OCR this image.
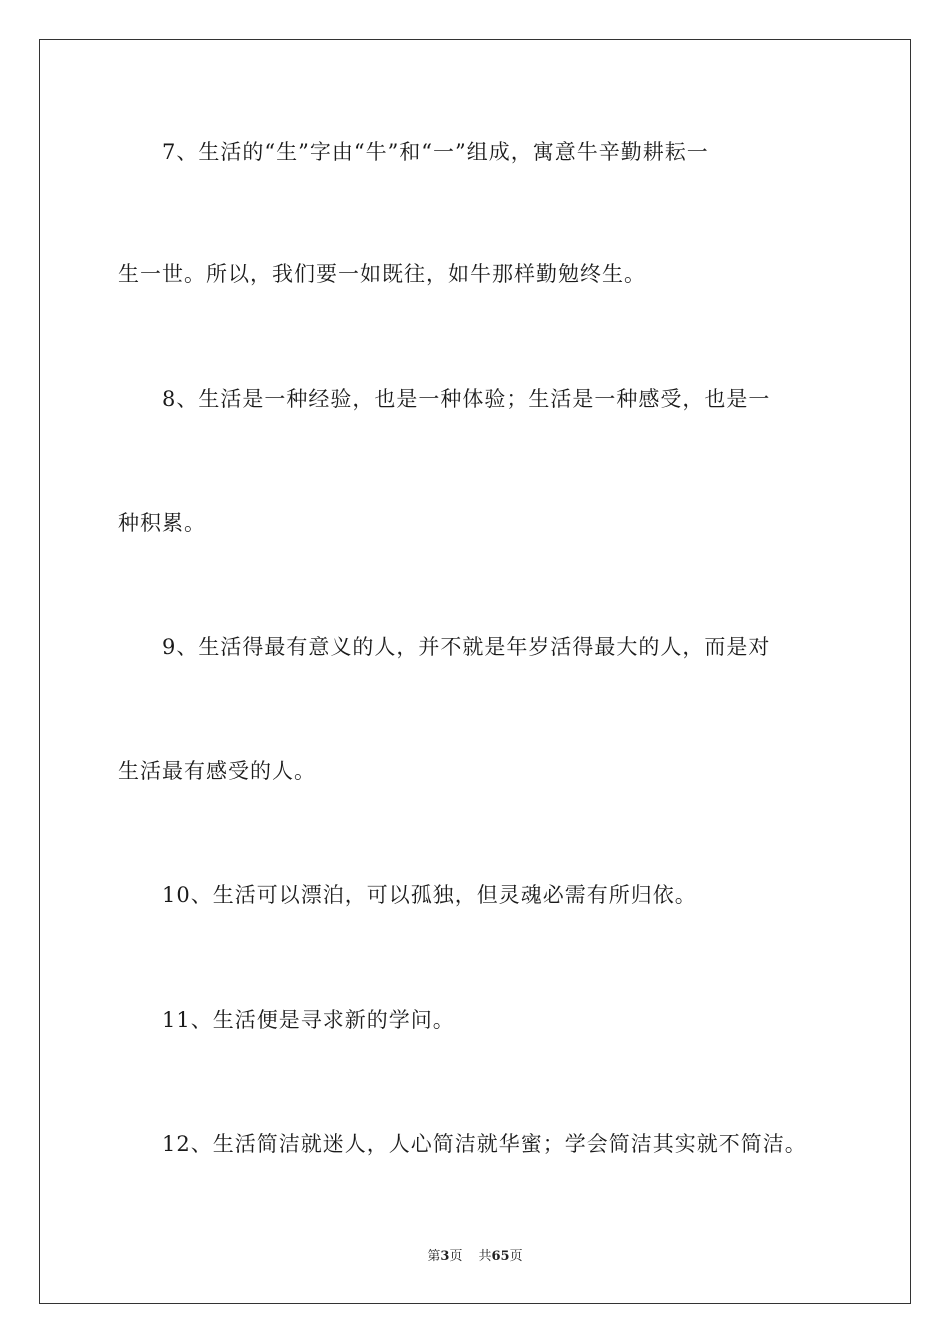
7、生活的“生”字由“牛”和“一”组成，寓意牛辛勤耕耘一
生一世。所以，我们要一如既往，如牛那样勤勉终生。
8、生活是一种经验，也是一种体验；生活是一种感受，也是一
种积累。
9、生活得最有意义的人，并不就是年岁活得最大的人，而是对
生活最有感受的人。
10、生活可以漂泊，可以孤独，但灵魂必需有所归依。
11、生活便是寻求新的学问。
12、生活简洁就迷人，人心简洁就华蜜；学会简洁其实就不简洁。
第3页 共65页
